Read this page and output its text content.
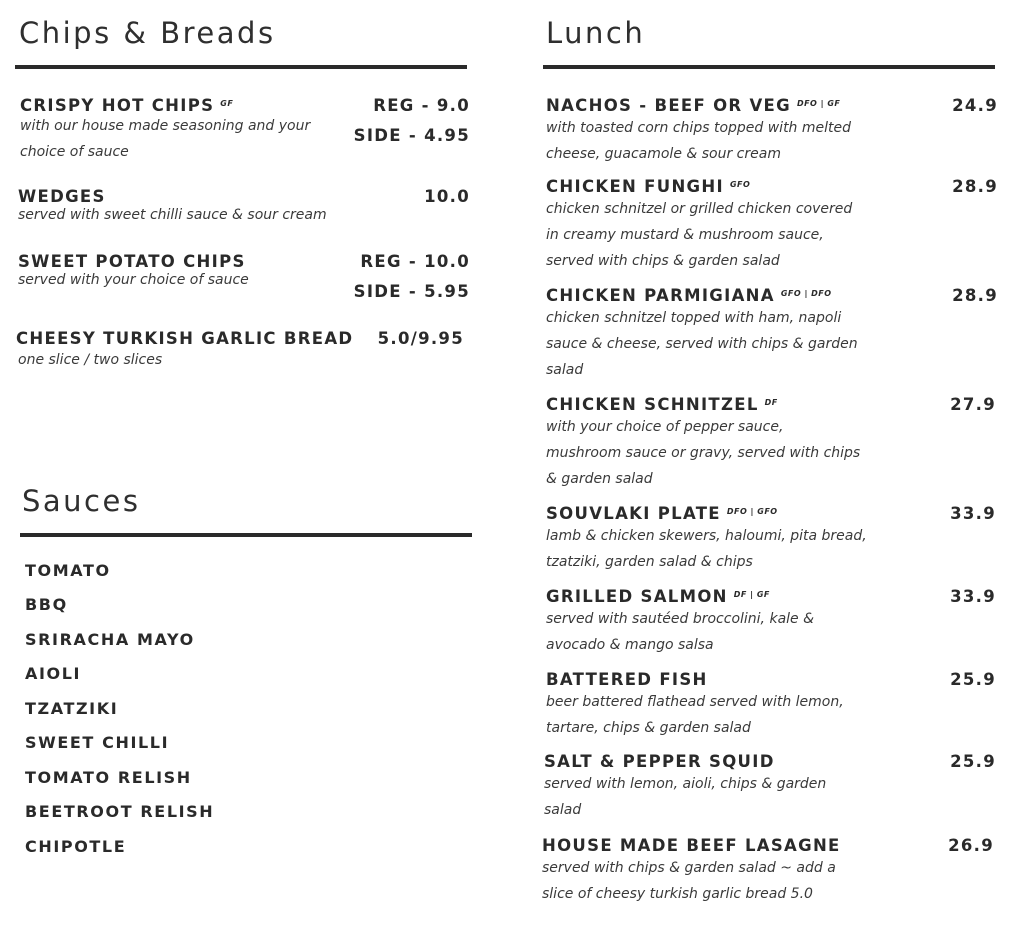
Chips & Breads
CRISPY HOT CHIPS $^{GF}$
with our house made seasoning and your
choice of sauce
REG - 9.0
SIDE - 4.95
WEDGES
served with sweet chilli sauce & sour cream
10.0
SWEET POTATO CHIPS
served with your choice of sauce
REG - 10.0
SIDE - 5.95
CHEESY TURKISH GARLIC BREAD
one slice / two slices
5.0/9.95
Sauces
TOMATO
BBQ
SRIRACHA MAYO
AIOLI
TZATZIKI
SWEET CHILLI
TOMATO RELISH
BEETROOT RELISH
CHIPOTLE
Lunch
NACHOS - BEEF OR VEG $^{DFO | GF}$
with toasted corn chips topped with melted
cheese, guacamole & sour cream
24.9
CHICKEN FUNGHI $^{GFO}$
chicken schnitzel or grilled chicken covered
in creamy mustard & mushroom sauce,
served with chips & garden salad
28.9
CHICKEN PARMIGIANA $^{GFO | DFO}$
chicken schnitzel topped with ham, napoli
sauce & cheese, served with chips & garden
salad
28.9
CHICKEN SCHNITZEL $^{DF}$
with your choice of pepper sauce,
mushroom sauce or gravy, served with chips
& garden salad
27.9
SOUVLAKI PLATE $^{DFO | GFO}$
lamb & chicken skewers, haloumi, pita bread,
tzatziki, garden salad & chips
33.9
GRILLED SALMON $^{DF | GF}$
served with sautéed broccolini, kale &
avocado & mango salsa
33.9
BATTERED FISH
beer battered flathead served with lemon,
tartare, chips & garden salad
25.9
SALT & PEPPER SQUID
served with lemon, aioli, chips & garden
salad
25.9
HOUSE MADE BEEF LASAGNE
served with chips & garden salad ~ add a
slice of cheesy turkish garlic bread 5.0
26.9
